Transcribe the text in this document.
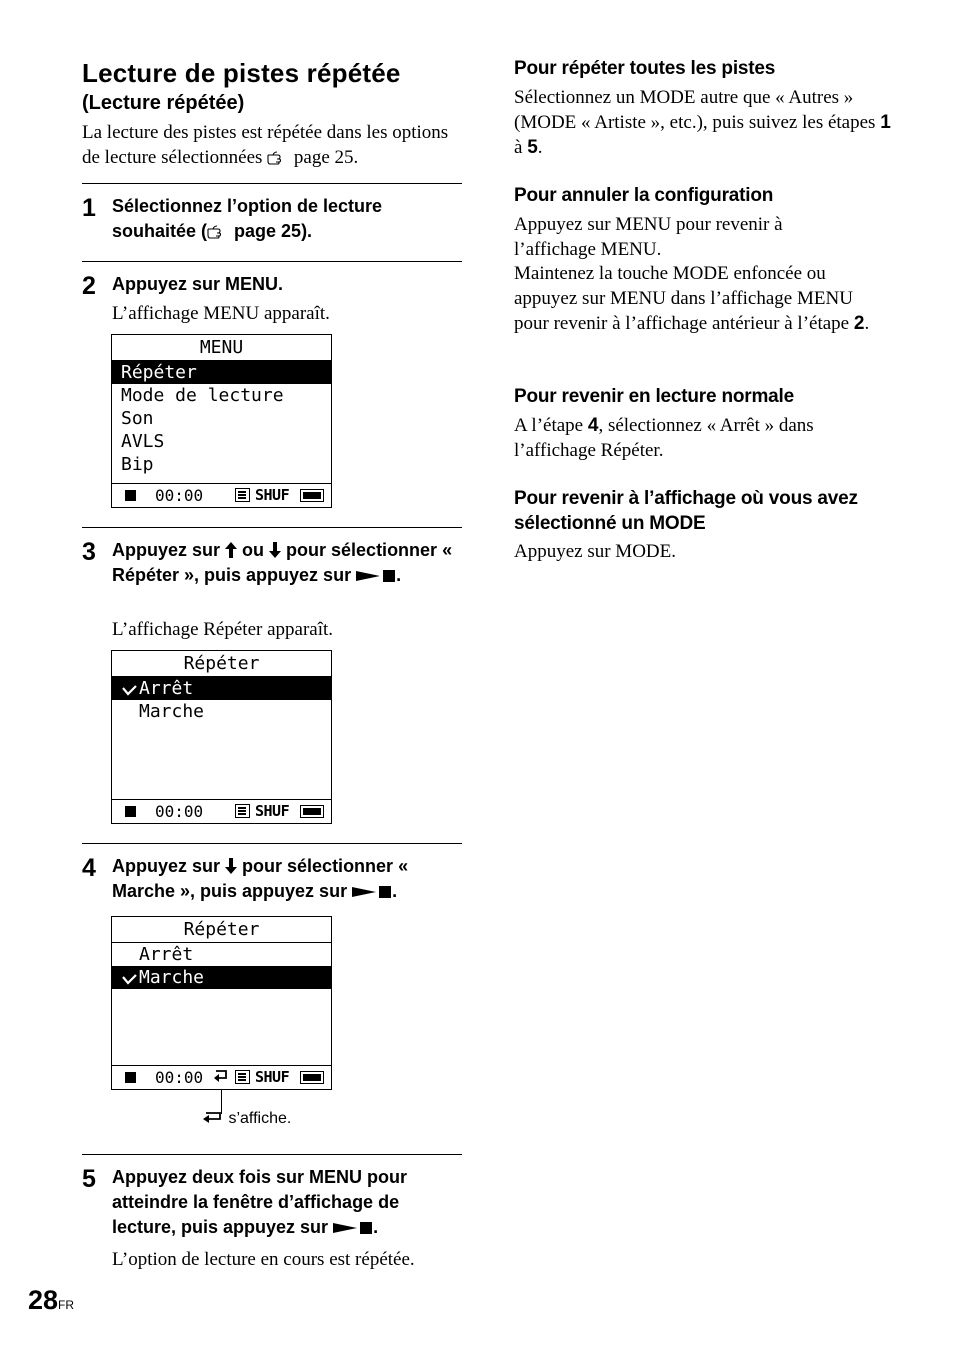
Lecture de pistes répétée
(Lecture répétée)
La lecture des pistes est répétée dans les options de lecture sélectionnées page 25.
1 Sélectionnez l’option de lecture souhaitée ( page 25).
2 Appuyez sur MENU.
L’affichage MENU apparaît.
MENU
Répéter
Mode de lecture
Son
AVLS
Bip
00:00	SHUF
3 Appuyez sur  ou  pour sélectionner « Répéter », puis appuyez sur .
L’affichage Répéter apparaît.
Répéter
Arrêt
Marche
00:00	SHUF
4 Appuyez sur  pour sélectionner « Marche », puis appuyez sur .
Répéter
Arrêt
Marche
00:00	SHUF
s’affiche.
5 Appuyez deux fois sur MENU pour atteindre la fenêtre d’affichage de lecture, puis appuyez sur .
L’option de lecture en cours est répétée.
Pour répéter toutes les pistes
Sélectionnez un MODE autre que « Autres » (MODE « Artiste », etc.), puis suivez les étapes 1 à 5.
Pour annuler la configuration
Appuyez sur MENU pour revenir à l’affichage MENU.
Maintenez la touche MODE enfoncée ou appuyez sur MENU dans l’affichage MENU pour revenir à l’affichage antérieur à l’étape 2.
Pour revenir en lecture normale
A l’étape 4, sélectionnez « Arrêt » dans l’affichage Répéter.
Pour revenir à l’affichage où vous avez sélectionné un MODE
Appuyez sur MODE.
28 FR
